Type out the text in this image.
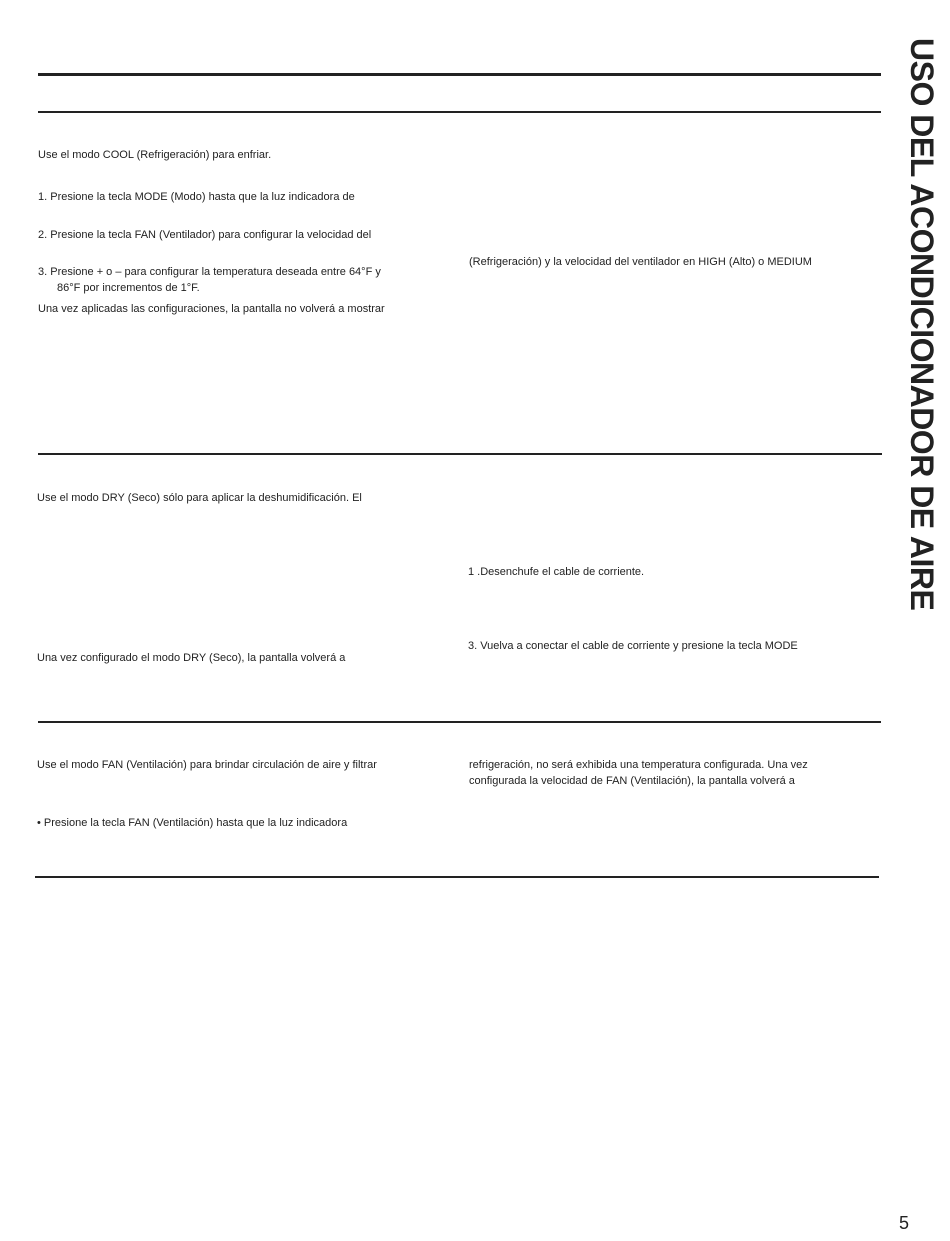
Use el modo COOL (Refrigeración) para enfriar.
1. Presione la tecla MODE (Modo) hasta que la luz indicadora de
2. Presione la tecla FAN (Ventilador) para configurar la velocidad del
3. Presione + o – para configurar la temperatura deseada entre 64°F y
86°F por incrementos de 1°F.
Una vez aplicadas las configuraciones, la pantalla no volverá a mostrar
(Refrigeración) y la velocidad del ventilador en HIGH (Alto) o MEDIUM
Use el modo DRY (Seco) sólo para aplicar la deshumidificación. El
Una vez configurado el modo DRY (Seco), la pantalla volverá a
1 .Desenchufe el cable de corriente.
3. Vuelva a conectar el cable de corriente y presione la tecla MODE
Use el modo FAN (Ventilación) para brindar circulación de aire y filtrar
• Presione la tecla FAN (Ventilación) hasta que la luz indicadora
refrigeración, no será exhibida una temperatura configurada. Una vez
configurada la velocidad de FAN (Ventilación), la pantalla volverá a
USO DEL ACONDICIONADOR DE AIRE
5
